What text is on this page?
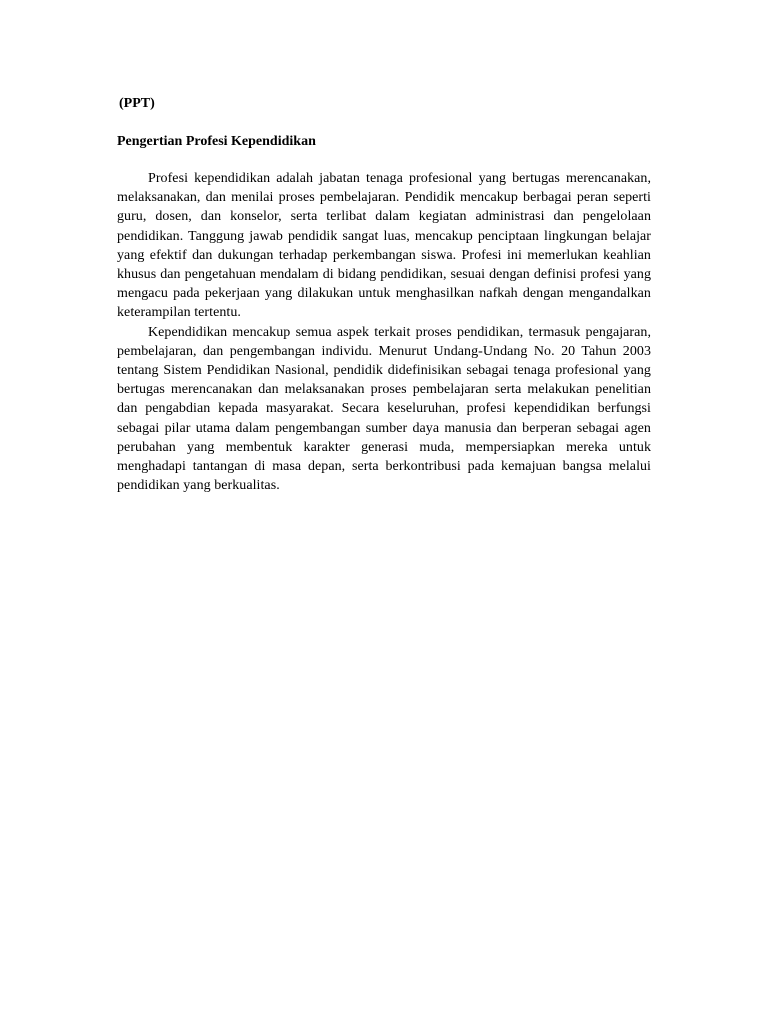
(PPT)
Pengertian Profesi Kependidikan

Profesi kependidikan adalah jabatan tenaga profesional yang bertugas merencanakan, melaksanakan, dan menilai proses pembelajaran. Pendidik mencakup berbagai peran seperti guru, dosen, dan konselor, serta terlibat dalam kegiatan administrasi dan pengelolaan pendidikan. Tanggung jawab pendidik sangat luas, mencakup penciptaan lingkungan belajar yang efektif dan dukungan terhadap perkembangan siswa. Profesi ini memerlukan keahlian khusus dan pengetahuan mendalam di bidang pendidikan, sesuai dengan definisi profesi yang mengacu pada pekerjaan yang dilakukan untuk menghasilkan nafkah dengan mengandalkan keterampilan tertentu.

Kependidikan mencakup semua aspek terkait proses pendidikan, termasuk pengajaran, pembelajaran, dan pengembangan individu. Menurut Undang-Undang No. 20 Tahun 2003 tentang Sistem Pendidikan Nasional, pendidik didefinisikan sebagai tenaga profesional yang bertugas merencanakan dan melaksanakan proses pembelajaran serta melakukan penelitian dan pengabdian kepada masyarakat. Secara keseluruhan, profesi kependidikan berfungsi sebagai pilar utama dalam pengembangan sumber daya manusia dan berperan sebagai agen perubahan yang membentuk karakter generasi muda, mempersiapkan mereka untuk menghadapi tantangan di masa depan, serta berkontribusi pada kemajuan bangsa melalui pendidikan yang berkualitas.
